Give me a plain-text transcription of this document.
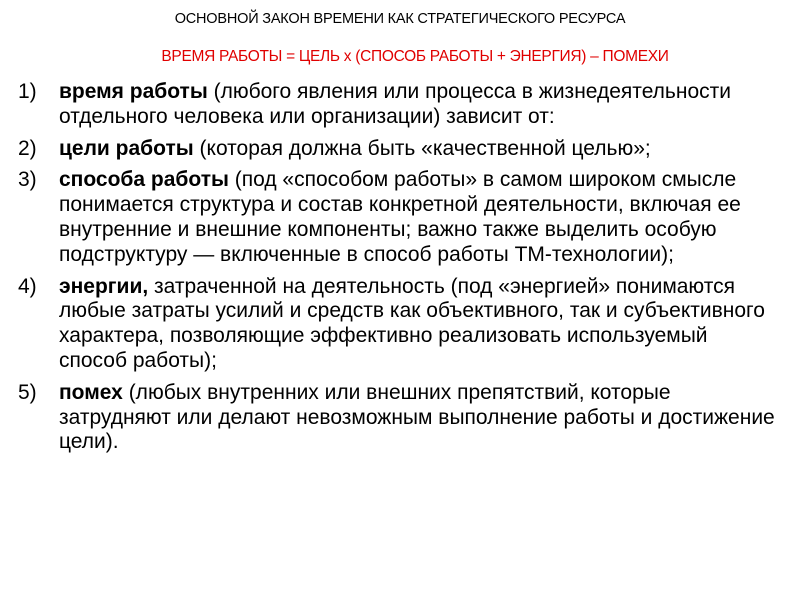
ОСНОВНОЙ ЗАКОН ВРЕМЕНИ КАК СТРАТЕГИЧЕСКОГО РЕСУРСА
ВРЕМЯ РАБОТЫ = ЦЕЛЬ х (СПОСОБ РАБОТЫ + ЭНЕРГИЯ) – ПОМЕХИ
1)	время работы (любого явления или процесса в жизнедеятельности отдельного человека или организации) зависит от:
2)	цели работы (которая должна быть «качественной целью»;
3)	способа работы (под «способом работы» в самом широком смысле понимается структура и состав конкретной деятельности, включая ее внутренние и внешние компоненты; важно также выделить особую подструктуру — включенные в способ работы ТМ-технологии);
4)	энергии, затраченной на деятельность (под «энергией» понимаются любые затраты усилий и средств как объективного, так и субъективного характера, позволяющие эффективно реализовать используемый способ работы);
5)	помех (любых внутренних или внешних препятствий, которые затрудняют или делают невозможным выполнение работы и достижение цели).
